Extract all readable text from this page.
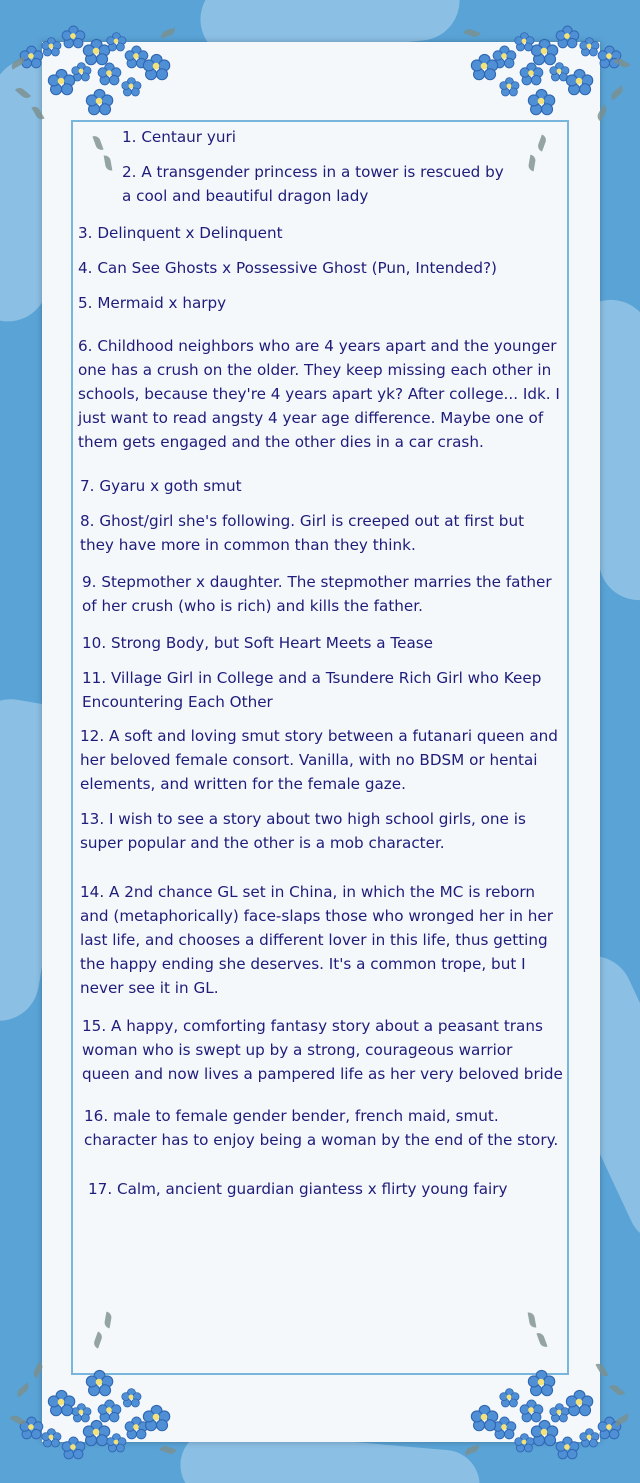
1. Centaur yuri

2. A transgender princess in a tower is rescued by a cool and beautiful dragon lady

3. Delinquent x Delinquent

4. Can See Ghosts x Possessive Ghost (Pun, Intended?)

5. Mermaid x harpy

6. Childhood neighbors who are 4 years apart and the younger one has a crush on the older. They keep missing each other in schools, because they're 4 years apart yk? After college... Idk. I just want to read angsty 4 year age difference. Maybe one of them gets engaged and the other dies in a car crash.

7. Gyaru x goth smut

8. Ghost/girl she's following. Girl is creeped out at first but they have more in common than they think.

9. Stepmother x daughter. The stepmother marries the father of her crush (who is rich) and kills the father.

10. Strong Body, but Soft Heart Meets a Tease

11. Village Girl in College and a Tsundere Rich Girl who Keep Encountering Each Other

12. A soft and loving smut story between a futanari queen and her beloved female consort. Vanilla, with no BDSM or hentai elements, and written for the female gaze.

13. I wish to see a story about two high school girls, one is super popular and the other is a mob character.

14. A 2nd chance GL set in China, in which the MC is reborn and (metaphorically) face-slaps those who wronged her in her last life, and chooses a different lover in this life, thus getting the happy ending she deserves. It's a common trope, but I never see it in GL.

15. A happy, comforting fantasy story about a peasant trans woman who is swept up by a strong, courageous warrior queen and now lives a pampered life as her very beloved bride

16. male to female gender bender, french maid, smut. character has to enjoy being a woman by the end of the story.

17. Calm, ancient guardian giantess x flirty young fairy
